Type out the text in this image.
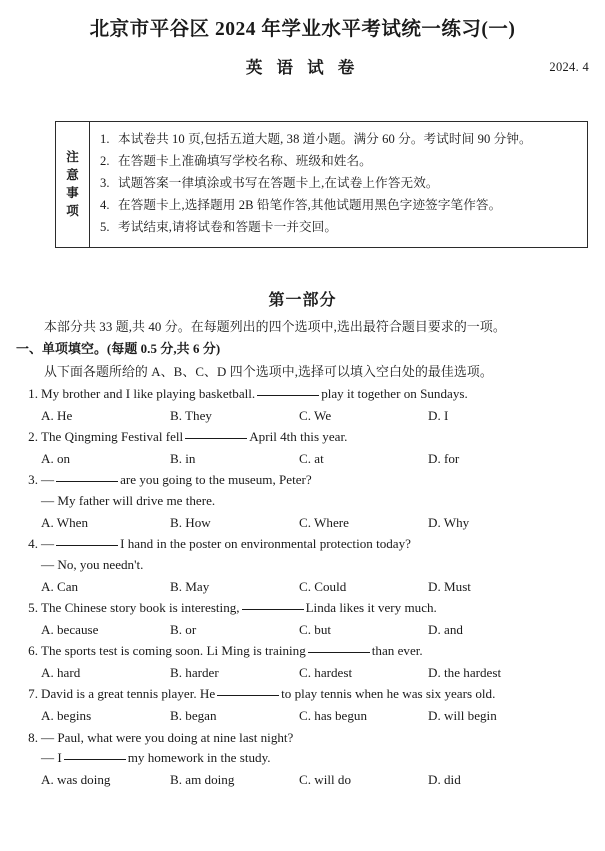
北京市平谷区 2024 年学业水平考试统一练习(一)
英 语 试 卷	2024. 4
注
意
事
项
1. 本试卷共 10 页,包括五道大题, 38 道小题。满分 60 分。考试时间 90 分钟。
2. 在答题卡上准确填写学校名称、班级和姓名。
3. 试题答案一律填涂或书写在答题卡上,在试卷上作答无效。
4. 在答题卡上,选择题用 2B 铅笔作答,其他试题用黑色字迹签字笔作答。
5. 考试结束,请将试卷和答题卡一并交回。
第一部分
本部分共 33 题,共 40 分。在每题列出的四个选项中,选出最符合题目要求的一项。
一、单项填空。(每题 0.5 分,共 6 分)
从下面各题所给的 A、B、C、D 四个选项中,选择可以填入空白处的最佳选项。
1. My brother and I like playing basketball.	play it together on Sundays.
A. He	B. They	C. We	D. I
2. The Qingming Festival fell	April 4th this year.
A. on	B. in	C. at	D. for
3. —	are you going to the museum, Peter?
— My father will drive me there.
A. When	B. How	C. Where	D. Why
4. —	I hand in the poster on environmental protection today?
— No, you needn't.
A. Can	B. May	C. Could	D. Must
5. The Chinese story book is interesting,	Linda likes it very much.
A. because	B. or	C. but	D. and
6. The sports test is coming soon. Li Ming is training	than ever.
A. hard	B. harder	C. hardest	D. the hardest
7. David is a great tennis player. He	to play tennis when he was six years old.
A. begins	B. began	C. has begun	D. will begin
8. — Paul, what were you doing at nine last night?
— I	my homework in the study.
A. was doing	B. am doing	C. will do	D. did
